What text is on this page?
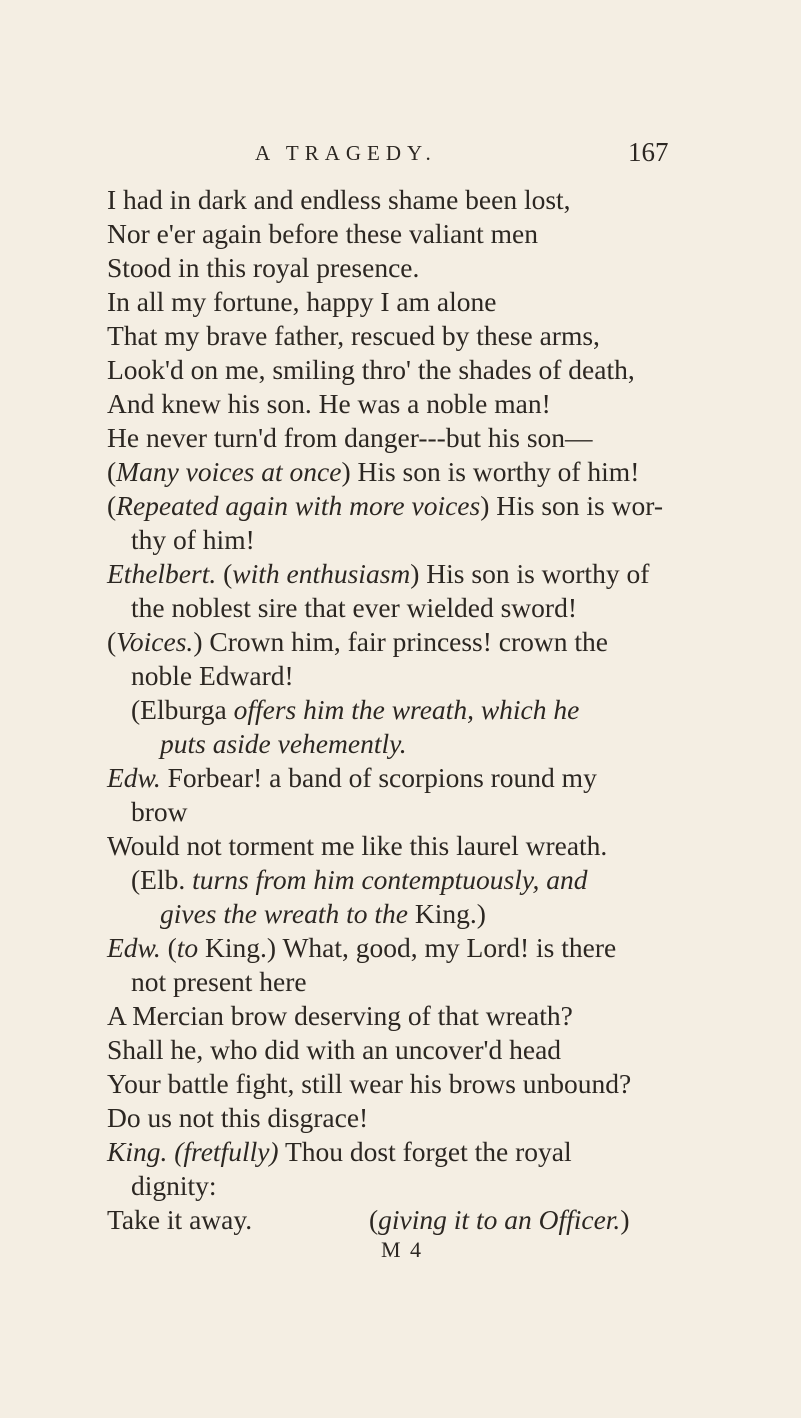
A TRAGEDY.	167
I had in dark and endless shame been lost,
Nor e'er again before these valiant men
Stood in this royal presence.
In all my fortune, happy I am alone
That my brave father, rescued by these arms,
Look'd on me, smiling thro' the shades of death,
And knew his son. He was a noble man!
He never turn'd from danger---but his son—
(Many voices at once) His son is worthy of him!
(Repeated again with more voices) His son is wor-
thy of him!
Ethelbert. (with enthusiasm) His son is worthy of
the noblest sire that ever wielded sword!
(Voices.) Crown him, fair princess! crown the
noble Edward!
(Elburga offers him the wreath, which he
puts aside vehemently.
Edw. Forbear! a band of scorpions round my
brow
Would not torment me like this laurel wreath.
(Elb. turns from him contemptuously, and
gives the wreath to the King.)
Edw. (to King.) What, good, my Lord! is there
not present here
A Mercian brow deserving of that wreath?
Shall he, who did with an uncover'd head
Your battle fight, still wear his brows unbound?
Do us not this disgrace!
King. (fretfully) Thou dost forget the royal
dignity:
Take it away.	(giving it to an Officer.)
M 4
